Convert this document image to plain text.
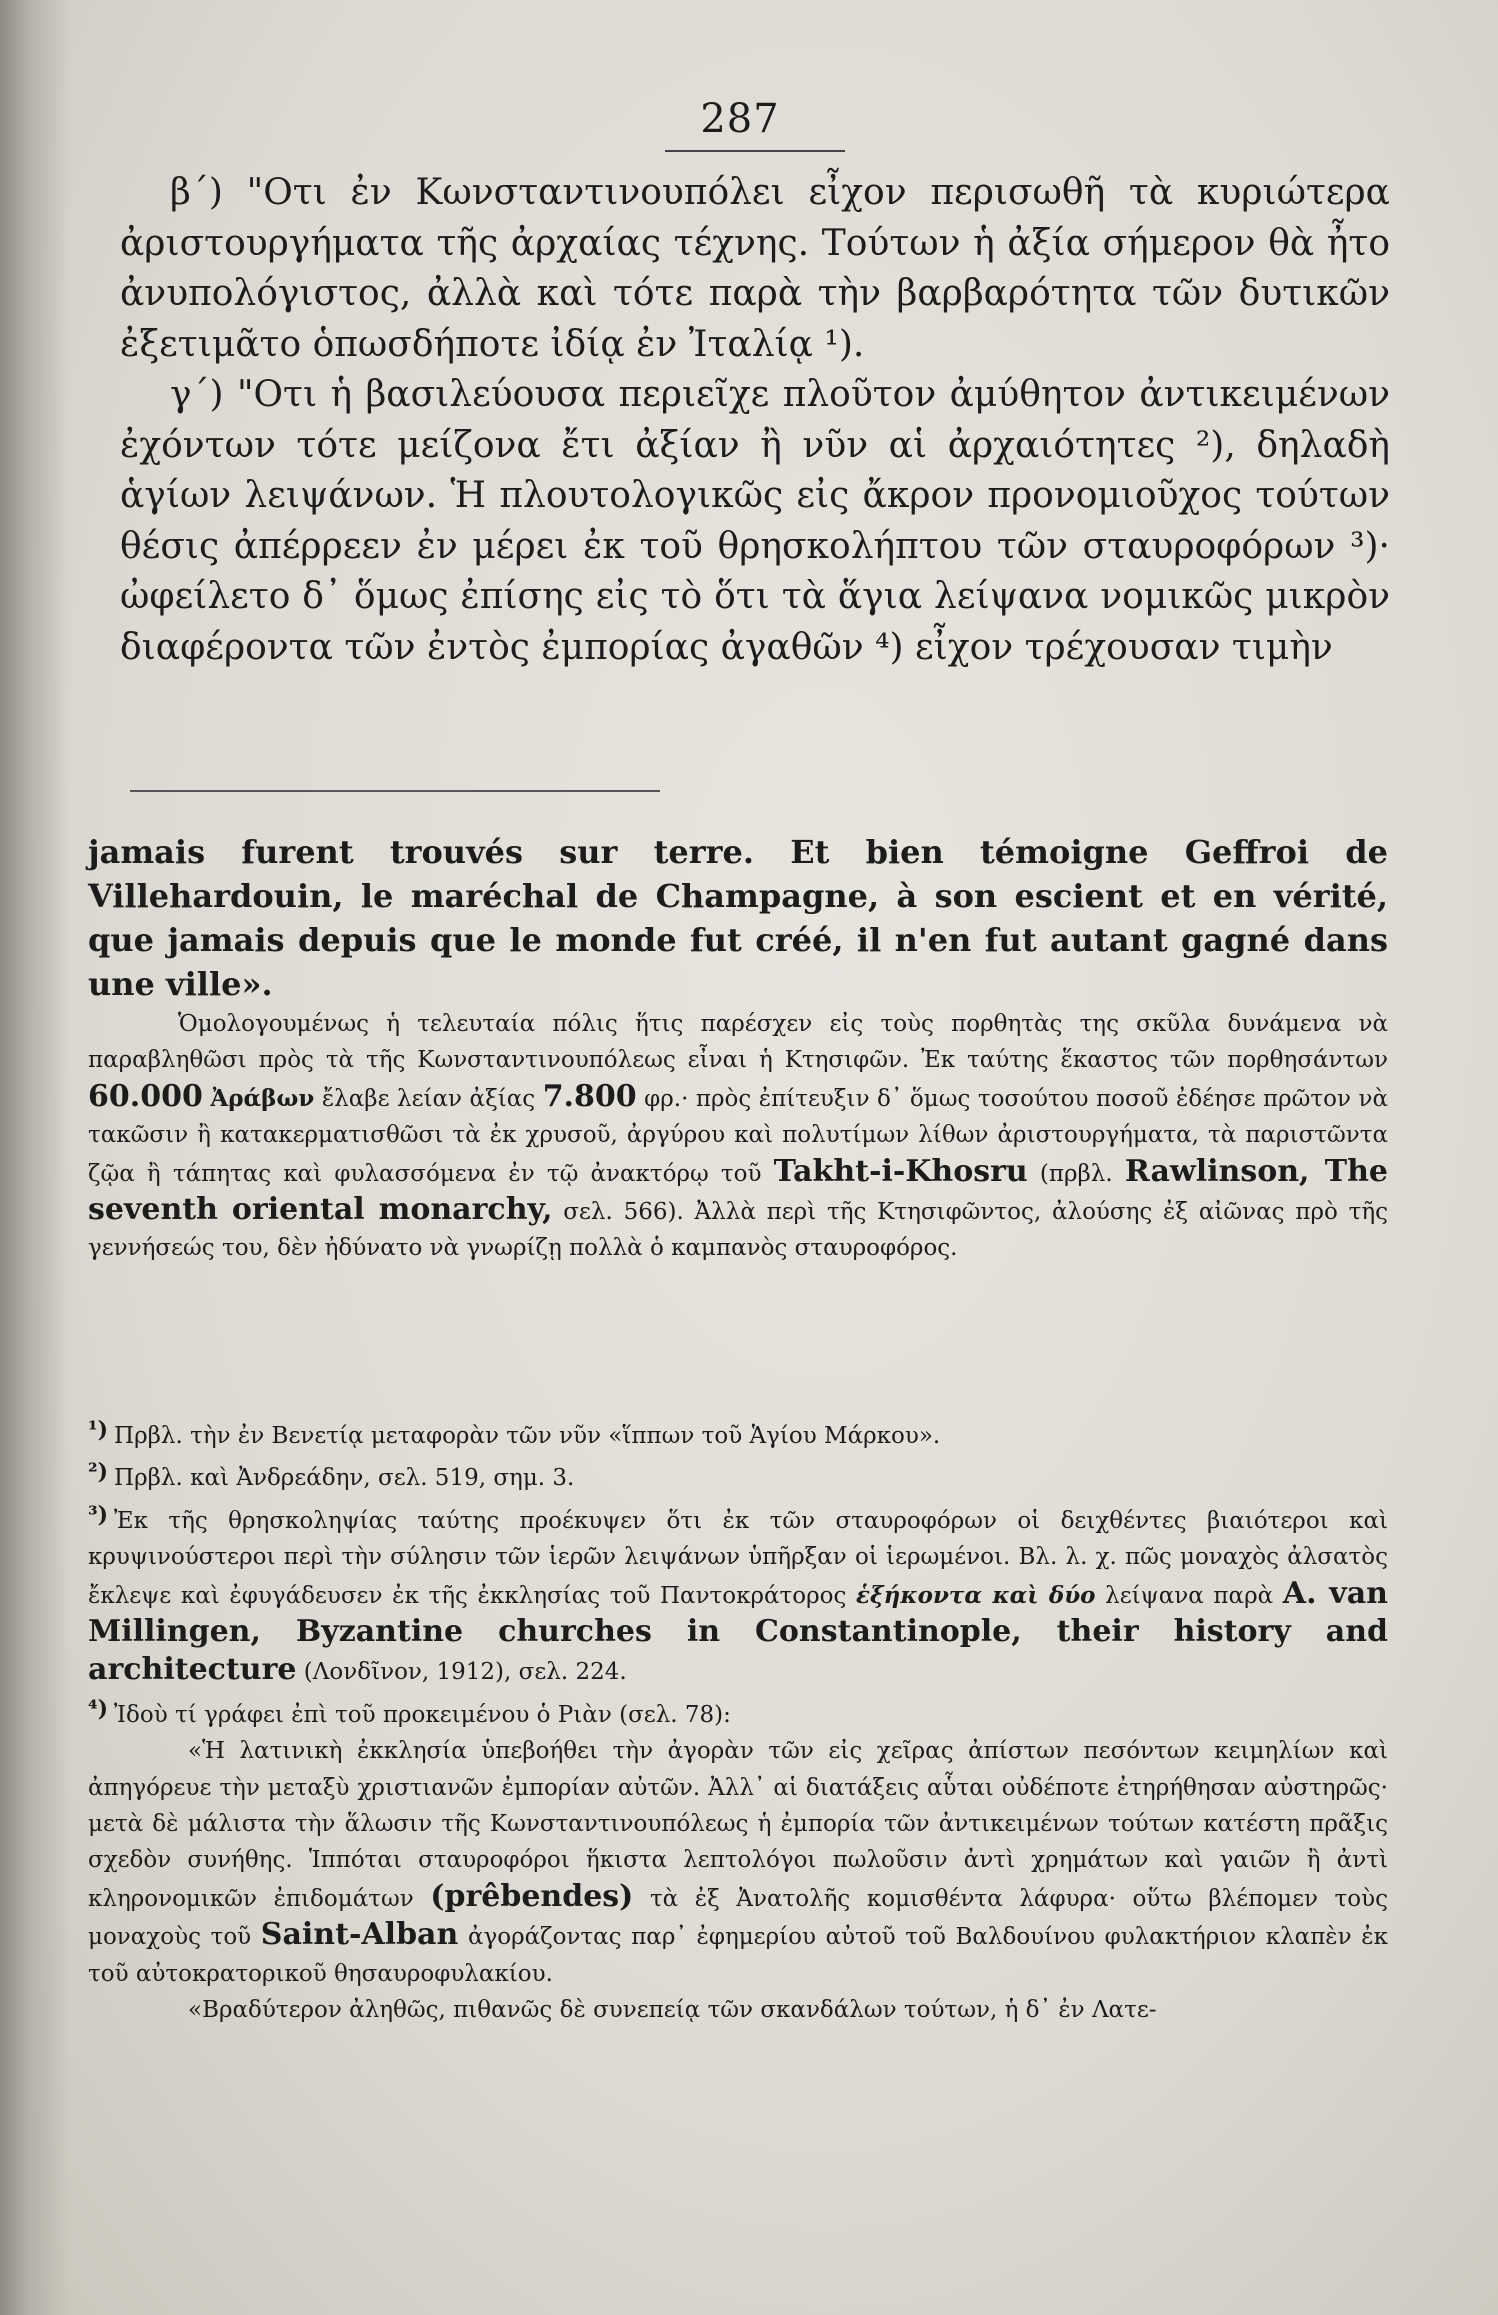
287

β΄) "Οτι ἐν Κωνσταντινουπόλει εἶχον περισωθῆ τὰ κυριώτερα ἀριστουργήματα τῆς ἀρχαίας τέχνης. Τούτων ἡ ἀξία σήμερον θὰ ἦτο ἀνυπολόγιστος, ἀλλὰ καὶ τότε παρὰ τὴν βαρβαρότητα τῶν δυτικῶν ἐξετιμᾶτο ὁπωσδήποτε ἰδίᾳ ἐν Ἰταλίᾳ ¹).

γ΄) "Οτι ἡ βασιλεύουσα περιεῖχε πλοῦτον ἀμύθητον ἀντικειμένων ἐχόντων τότε μείζονα ἔτι ἀξίαν ἢ νῦν αἱ ἀρχαιότητες ²), δηλαδὴ ἁγίων λειψάνων. Ἡ πλουτολογικῶς εἰς ἄκρον προνομιοῦχος τούτων θέσις ἀπέρρεεν ἐν μέρει ἐκ τοῦ θρησκολήπτου τῶν σταυροφόρων ³)· ὠφείλετο δ᾽ ὅμως ἐπίσης εἰς τὸ ὅτι τὰ ἅγια λείψανα νομικῶς μικρὸν διαφέροντα τῶν ἐντὸς ἐμπορίας ἀγαθῶν ⁴) εἶχον τρέχουσαν τιμὴν

jamais furent trouvés sur terre. Et bien témoigne Geffroi de Villehardouin, le maréchal de Champagne, à son escient et en vérité, que jamais depuis que le monde fut créé, il n'en fut autant gagné dans une ville».

Ὁμολογουμένως ἡ τελευταία πόλις ἥτις παρέσχεν εἰς τοὺς πορθητὰς της σκῦλα δυνάμενα νὰ παραβληθῶσι πρὸς τὰ τῆς Κωνσταντινουπόλεως εἶναι ἡ Κτησιφῶν. Ἐκ ταύτης ἕκαστος τῶν πορθησάντων 60.000 Ἀράβων ἔλαβε λείαν ἀξίας 7.800 φρ.· πρὸς ἐπίτευξιν δ᾽ ὅμως τοσούτου ποσοῦ ἐδέησε πρῶτον νὰ τακῶσιν ἢ κατακερματισθῶσι τὰ ἐκ χρυσοῦ, ἀργύρου καὶ πολυτίμων λίθων ἀριστουργήματα, τὰ παριστῶντα ζῷα ἢ τάπητας καὶ φυλασσόμενα ἐν τῷ ἀνακτόρῳ τοῦ Takht-i-Khosru (πρβλ. Rawlinson, The seventh oriental monarchy, σελ. 566). Ἀλλὰ περὶ τῆς Κτησιφῶντος, ἀλούσης ἐξ αἰῶνας πρὸ τῆς γεννήσεώς του, δὲν ἠδύνατο νὰ γνωρίζῃ πολλὰ ὁ καμπανὸς σταυροφόρος.

¹) Πρβλ. τὴν ἐν Βενετίᾳ μεταφορὰν τῶν νῦν «ἵππων τοῦ Ἁγίου Μάρκου».

²) Πρβλ. καὶ Ἀνδρεάδην, σελ. 519, σημ. 3.

³) Ἐκ τῆς θρησκοληψίας ταύτης προέκυψεν ὅτι ἐκ τῶν σταυροφόρων οἱ δειχθέντες βιαιότεροι καὶ κρυψινούστεροι περὶ τὴν σύλησιν τῶν ἱερῶν λειψάνων ὑπῆρξαν οἱ ἱερωμένοι. Βλ. λ. χ. πῶς μοναχὸς ἀλσατὸς ἔκλεψε καὶ ἐφυγάδευσεν ἐκ τῆς ἐκκλησίας τοῦ Παντοκράτορος ἑξήκοντα καὶ δύο λείψανα παρὰ A. van Millingen, Byzantine churches in Constantinople, their history and architecture (Λονδῖνον, 1912), σελ. 224.

⁴) Ἰδοὺ τί γράφει ἐπὶ τοῦ προκειμένου ὁ Ριὰν (σελ. 78):

«Ἡ λατινικὴ ἐκκλησία ὑπεβοήθει τὴν ἀγορὰν τῶν εἰς χεῖρας ἀπίστων πεσόντων κειμηλίων καὶ ἀπηγόρευε τὴν μεταξὺ χριστιανῶν ἐμπορίαν αὐτῶν. Ἀλλ᾽ αἱ διατάξεις αὗται οὐδέποτε ἐτηρήθησαν αὐστηρῶς· μετὰ δὲ μάλιστα τὴν ἅλωσιν τῆς Κωνσταντινουπόλεως ἡ ἐμπορία τῶν ἀντικειμένων τούτων κατέστη πρᾶξις σχεδὸν συνήθης. Ἱππόται σταυροφόροι ἥκιστα λεπτολόγοι πωλοῦσιν ἀντὶ χρημάτων καὶ γαιῶν ἢ ἀντὶ κληρονομικῶν ἐπιδομάτων (prêbendes) τὰ ἐξ Ἀνατολῆς κομισθέντα λάφυρα· οὕτω βλέπομεν τοὺς μοναχοὺς τοῦ Saint-Alban ἀγοράζοντας παρ᾽ ἐφημερίου αὐτοῦ τοῦ Βαλδουίνου φυλακτήριον κλαπὲν ἐκ τοῦ αὐτοκρατορικοῦ θησαυροφυλακίου.

«Βραδύτερον ἀληθῶς, πιθανῶς δὲ συνεπείᾳ τῶν σκανδάλων τούτων, ἡ δ᾽ ἐν Λατε-
